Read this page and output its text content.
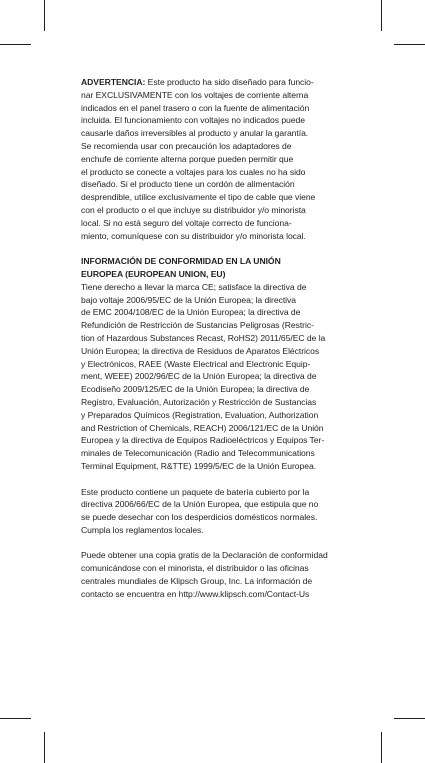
ADVERTENCIA: Este producto ha sido diseñado para funcio-
nar EXCLUSIVAMENTE con los voltajes de corriente alterna
indicados en el panel trasero o con la fuente de alimentación
incluida. El funcionamiento con voltajes no indicados puede
causarle daños irreversibles al producto y anular la garantía.
Se recomienda usar con precaución los adaptadores de
enchufe de corriente alterna porque pueden permitir que
el producto se conecte a voltajes para los cuales no ha sido
diseñado. Si el producto tiene un cordón de alimentación
desprendible, utilice exclusivamente el tipo de cable que viene
con el producto o el que incluye su distribuidor y/o minorista
local. Si no está seguro del voltaje correcto de funciona-
miento, comuníquese con su distribuidor y/o minorista local.

INFORMACIÓN DE CONFORMIDAD EN LA UNIÓN
EUROPEA (EUROPEAN UNION, EU)

Tiene derecho a llevar la marca CE; satisface la directiva de
bajo voltaje 2006/95/EC de la Unión Europea; la directiva
de EMC 2004/108/EC de la Unión Europea; la directiva de
Refundición de Restricción de Sustancias Peligrosas (Restric-
tion of Hazardous Substances Recast, RoHS2) 2011/65/EC de la
Unión Europea; la directiva de Residuos de Aparatos Eléctricos
y Electrónicos, RAEE (Waste Electrical and Electronic Equip-
ment, WEEE) 2002/96/EC de la Unión Europea; la directiva de
Ecodiseño 2009/125/EC de la Unión Europea; la directiva de
Registro, Evaluación, Autorización y Restricción de Sustancias
y Preparados Químicos (Registration, Evaluation, Authorization
and Restriction of Chemicals, REACH) 2006/121/EC de la Unión
Europea y la directiva de Equipos Radioeléctricos y Equipos Ter-
minales de Telecomunicación (Radio and Telecommunications
Terminal Equipment, R&TTE) 1999/5/EC de la Unión Europea.

Este producto contiene un paquete de batería cubierto por la
directiva 2006/66/EC de la Unión Europea, que estipula que no
se puede desechar con los desperdicios domésticos normales.
Cumpla los reglamentos locales.

Puede obtener una copia gratis de la Declaración de conformidad
comunicándose con el minorista, el distribuidor o las oficinas
centrales mundiales de Klipsch Group, Inc. La información de
contacto se encuentra en http://www.klipsch.com/Contact-Us
